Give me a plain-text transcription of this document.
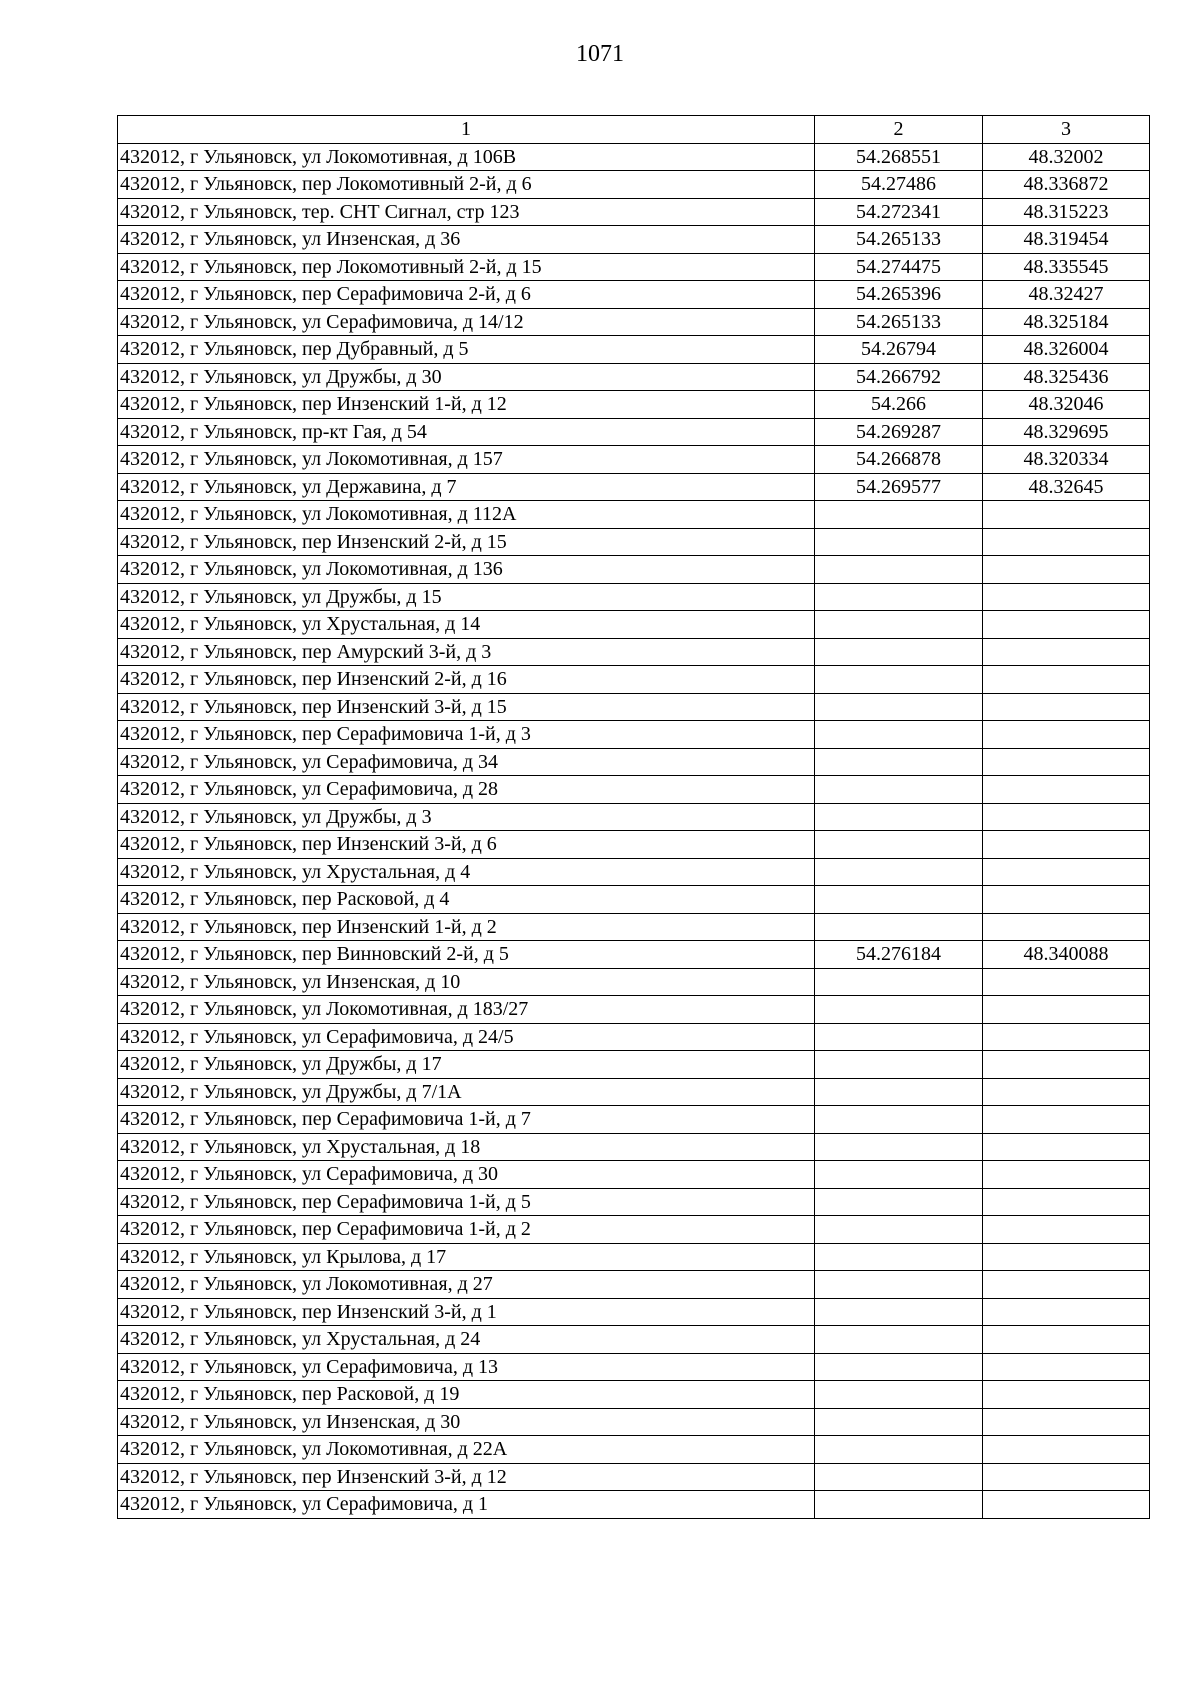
1071
1	2	3
432012, г Ульяновск, ул Локомотивная, д 106В	54.268551	48.32002
432012, г Ульяновск, пер Локомотивный 2-й, д 6	54.27486	48.336872
432012, г Ульяновск, тер. СНТ Сигнал, стр 123	54.272341	48.315223
432012, г Ульяновск, ул Инзенская, д 36	54.265133	48.319454
432012, г Ульяновск, пер Локомотивный 2-й, д 15	54.274475	48.335545
432012, г Ульяновск, пер Серафимовича 2-й, д 6	54.265396	48.32427
432012, г Ульяновск, ул Серафимовича, д 14/12	54.265133	48.325184
432012, г Ульяновск, пер Дубравный, д 5	54.26794	48.326004
432012, г Ульяновск, ул Дружбы, д 30	54.266792	48.325436
432012, г Ульяновск, пер Инзенский 1-й, д 12	54.266	48.32046
432012, г Ульяновск, пр-кт Гая, д 54	54.269287	48.329695
432012, г Ульяновск, ул Локомотивная, д 157	54.266878	48.320334
432012, г Ульяновск, ул Державина, д 7	54.269577	48.32645
432012, г Ульяновск, ул Локомотивная, д 112А		
432012, г Ульяновск, пер Инзенский 2-й, д 15		
432012, г Ульяновск, ул Локомотивная, д 136		
432012, г Ульяновск, ул Дружбы, д 15		
432012, г Ульяновск, ул Хрустальная, д 14		
432012, г Ульяновск, пер Амурский 3-й, д 3		
432012, г Ульяновск, пер Инзенский 2-й, д 16		
432012, г Ульяновск, пер Инзенский 3-й, д 15		
432012, г Ульяновск, пер Серафимовича 1-й, д 3		
432012, г Ульяновск, ул Серафимовича, д 34		
432012, г Ульяновск, ул Серафимовича, д 28		
432012, г Ульяновск, ул Дружбы, д 3		
432012, г Ульяновск, пер Инзенский 3-й, д 6		
432012, г Ульяновск, ул Хрустальная, д 4		
432012, г Ульяновск, пер Расковой, д 4		
432012, г Ульяновск, пер Инзенский 1-й, д 2		
432012, г Ульяновск, пер Винновский 2-й, д 5	54.276184	48.340088
432012, г Ульяновск, ул Инзенская, д 10		
432012, г Ульяновск, ул Локомотивная, д 183/27		
432012, г Ульяновск, ул Серафимовича, д 24/5		
432012, г Ульяновск, ул Дружбы, д 17		
432012, г Ульяновск, ул Дружбы, д 7/1А		
432012, г Ульяновск, пер Серафимовича 1-й, д 7		
432012, г Ульяновск, ул Хрустальная, д 18		
432012, г Ульяновск, ул Серафимовича, д 30		
432012, г Ульяновск, пер Серафимовича 1-й, д 5		
432012, г Ульяновск, пер Серафимовича 1-й, д 2		
432012, г Ульяновск, ул Крылова, д 17		
432012, г Ульяновск, ул Локомотивная, д 27		
432012, г Ульяновск, пер Инзенский 3-й, д 1		
432012, г Ульяновск, ул Хрустальная, д 24		
432012, г Ульяновск, ул Серафимовича, д 13		
432012, г Ульяновск, пер Расковой, д 19		
432012, г Ульяновск, ул Инзенская, д 30		
432012, г Ульяновск, ул Локомотивная, д 22А		
432012, г Ульяновск, пер Инзенский 3-й, д 12		
432012, г Ульяновск, ул Серафимовича, д 1		
